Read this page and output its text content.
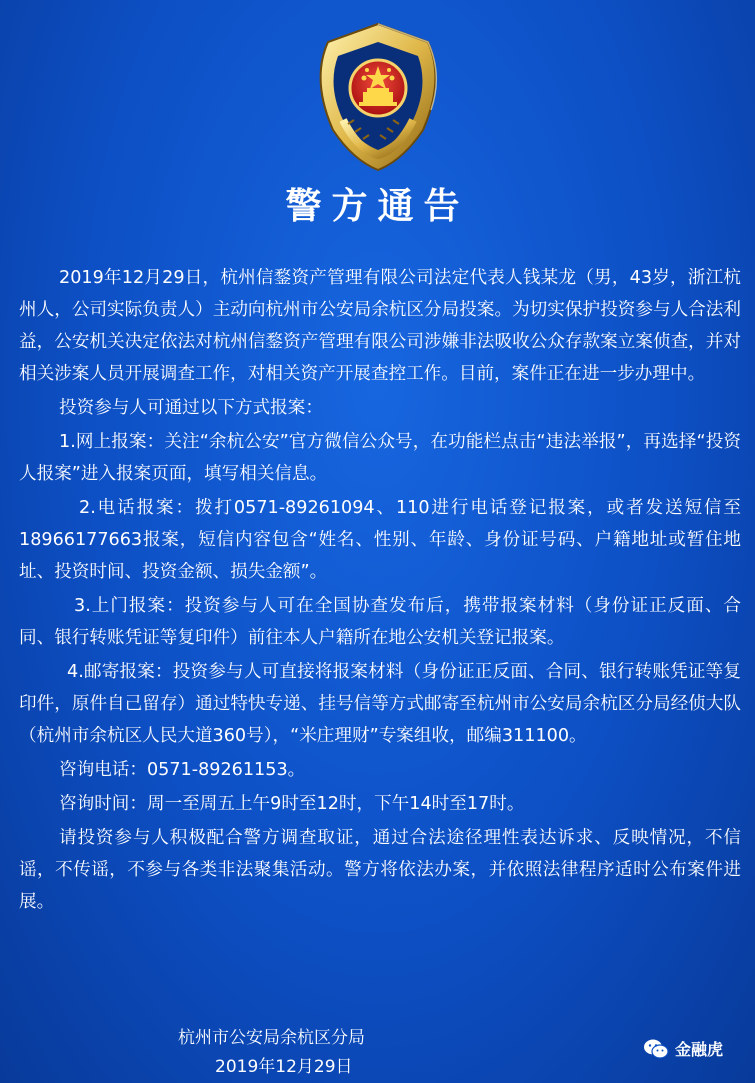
警方通告

2019年12月29日，杭州信鍪资产管理有限公司法定代表人钱某龙（男，43岁，浙江杭州人，公司实际负责人）主动向杭州市公安局余杭区分局投案。为切实保护投资参与人合法利益，公安机关决定依法对杭州信鍪资产管理有限公司涉嫌非法吸收公众存款案立案侦查，并对相关涉案人员开展调查工作，对相关资产开展查控工作。目前，案件正在进一步办理中。

投资参与人可通过以下方式报案：

1.网上报案：关注“余杭公安”官方微信公众号，在功能栏点击“违法举报”，再选择“投资人报案”进入报案页面，填写相关信息。

2.电话报案：拨打0571-89261094、110进行电话登记报案，或者发送短信至18966177663报案，短信内容包含“姓名、性别、年龄、身份证号码、户籍地址或暂住地址、投资时间、投资金额、损失金额”。

3.上门报案：投资参与人可在全国协查发布后，携带报案材料（身份证正反面、合同、银行转账凭证等复印件）前往本人户籍所在地公安机关登记报案。

4.邮寄报案：投资参与人可直接将报案材料（身份证正反面、合同、银行转账凭证等复印件，原件自己留存）通过特快专递、挂号信等方式邮寄至杭州市公安局余杭区分局经侦大队（杭州市余杭区人民大道360号），“米庄理财”专案组收，邮编311100。

咨询电话：0571-89261153。

咨询时间：周一至周五上午9时至12时，下午14时至17时。

请投资参与人积极配合警方调查取证，通过合法途径理性表达诉求、反映情况，不信谣，不传谣，不参与各类非法聚集活动。警方将依法办案，并依照法律程序适时公布案件进展。

杭州市公安局余杭区分局
2019年12月29日
金融虎
